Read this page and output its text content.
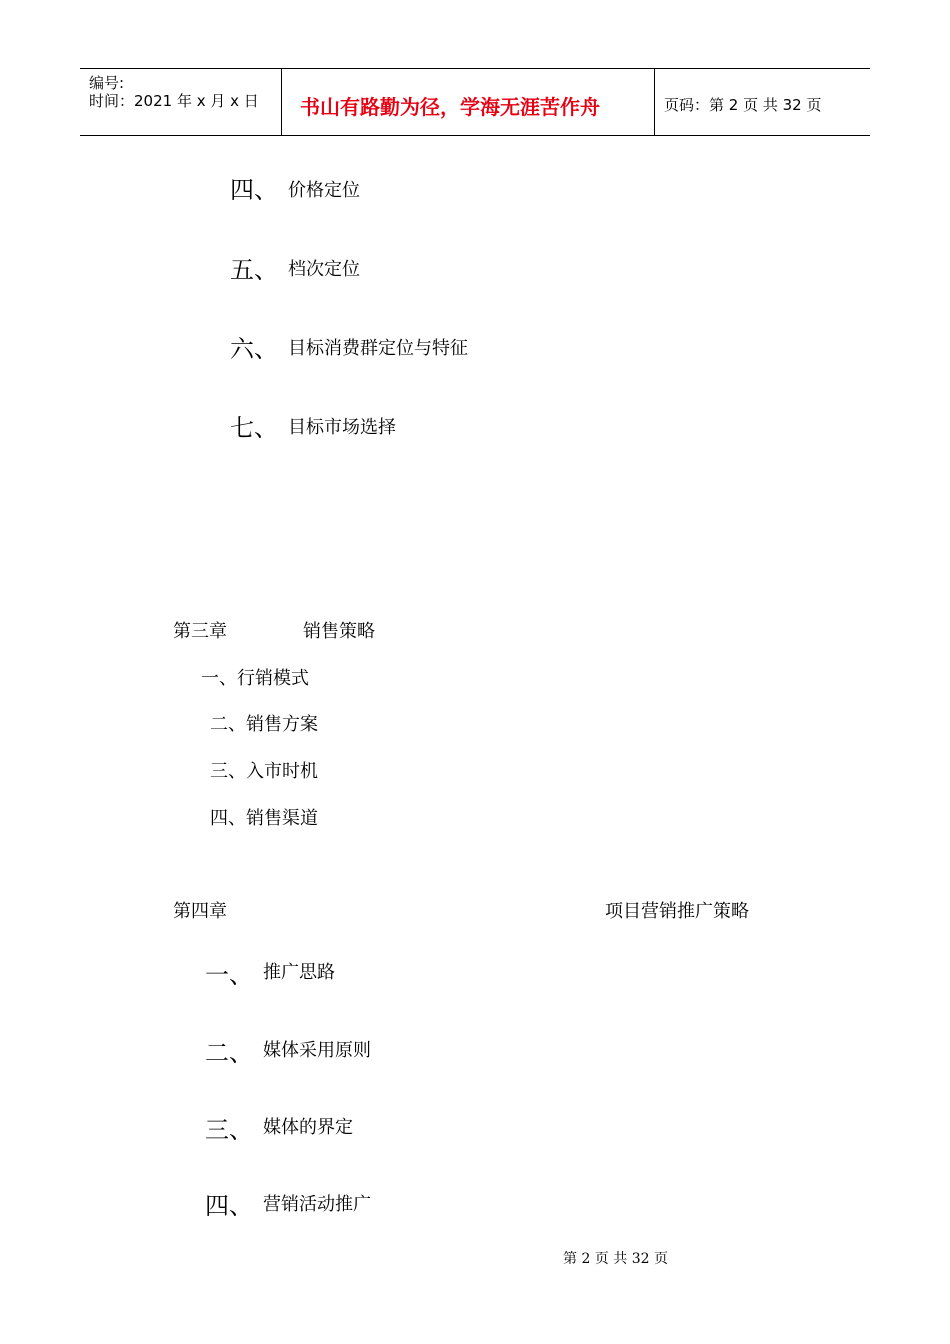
编号:
时间：2021 年 x 月 x 日 书山有路勤为径，学海无涯苦作舟	页码：第 2 页 共 32 页
四、 价格定位
五、 档次定位
六、 目标消费群定位与特征
七、 目标市场选择
第三章	销售策略
一、行销模式
二、销售方案
三、入市时机
四、销售渠道
第四章	项目营销推广策略
一、 推广思路
二、 媒体采用原则
三、 媒体的界定
四、 营销活动推广
第 2 页 共 32 页
